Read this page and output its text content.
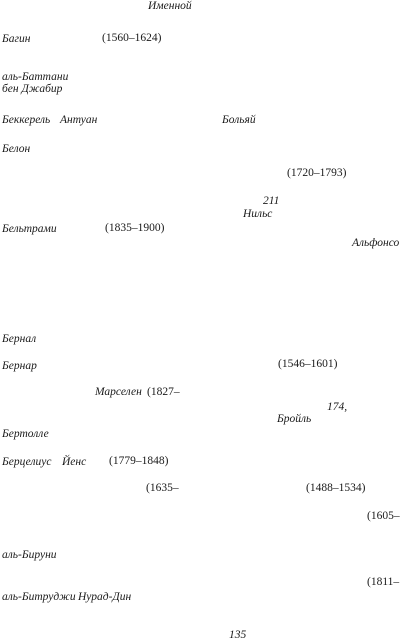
Именной
Багин	(1560–1624)
аль-Баттани
бен Джабир
Беккерель Антуан	Больяй
Белон
(1720–1793)
211
Нильс
Бельтрами	(1835–1900)
Альфонсо
Бернал
Бернар	(1546–1601)
Марселен (1827–
174,
Бройль
Бертолле
Берцелиус Йенс (1779–1848)
(1635–	(1488–1534)
(1605–
аль-Бируни
(1811–
аль-Битруджи Нурад-Дин
135
